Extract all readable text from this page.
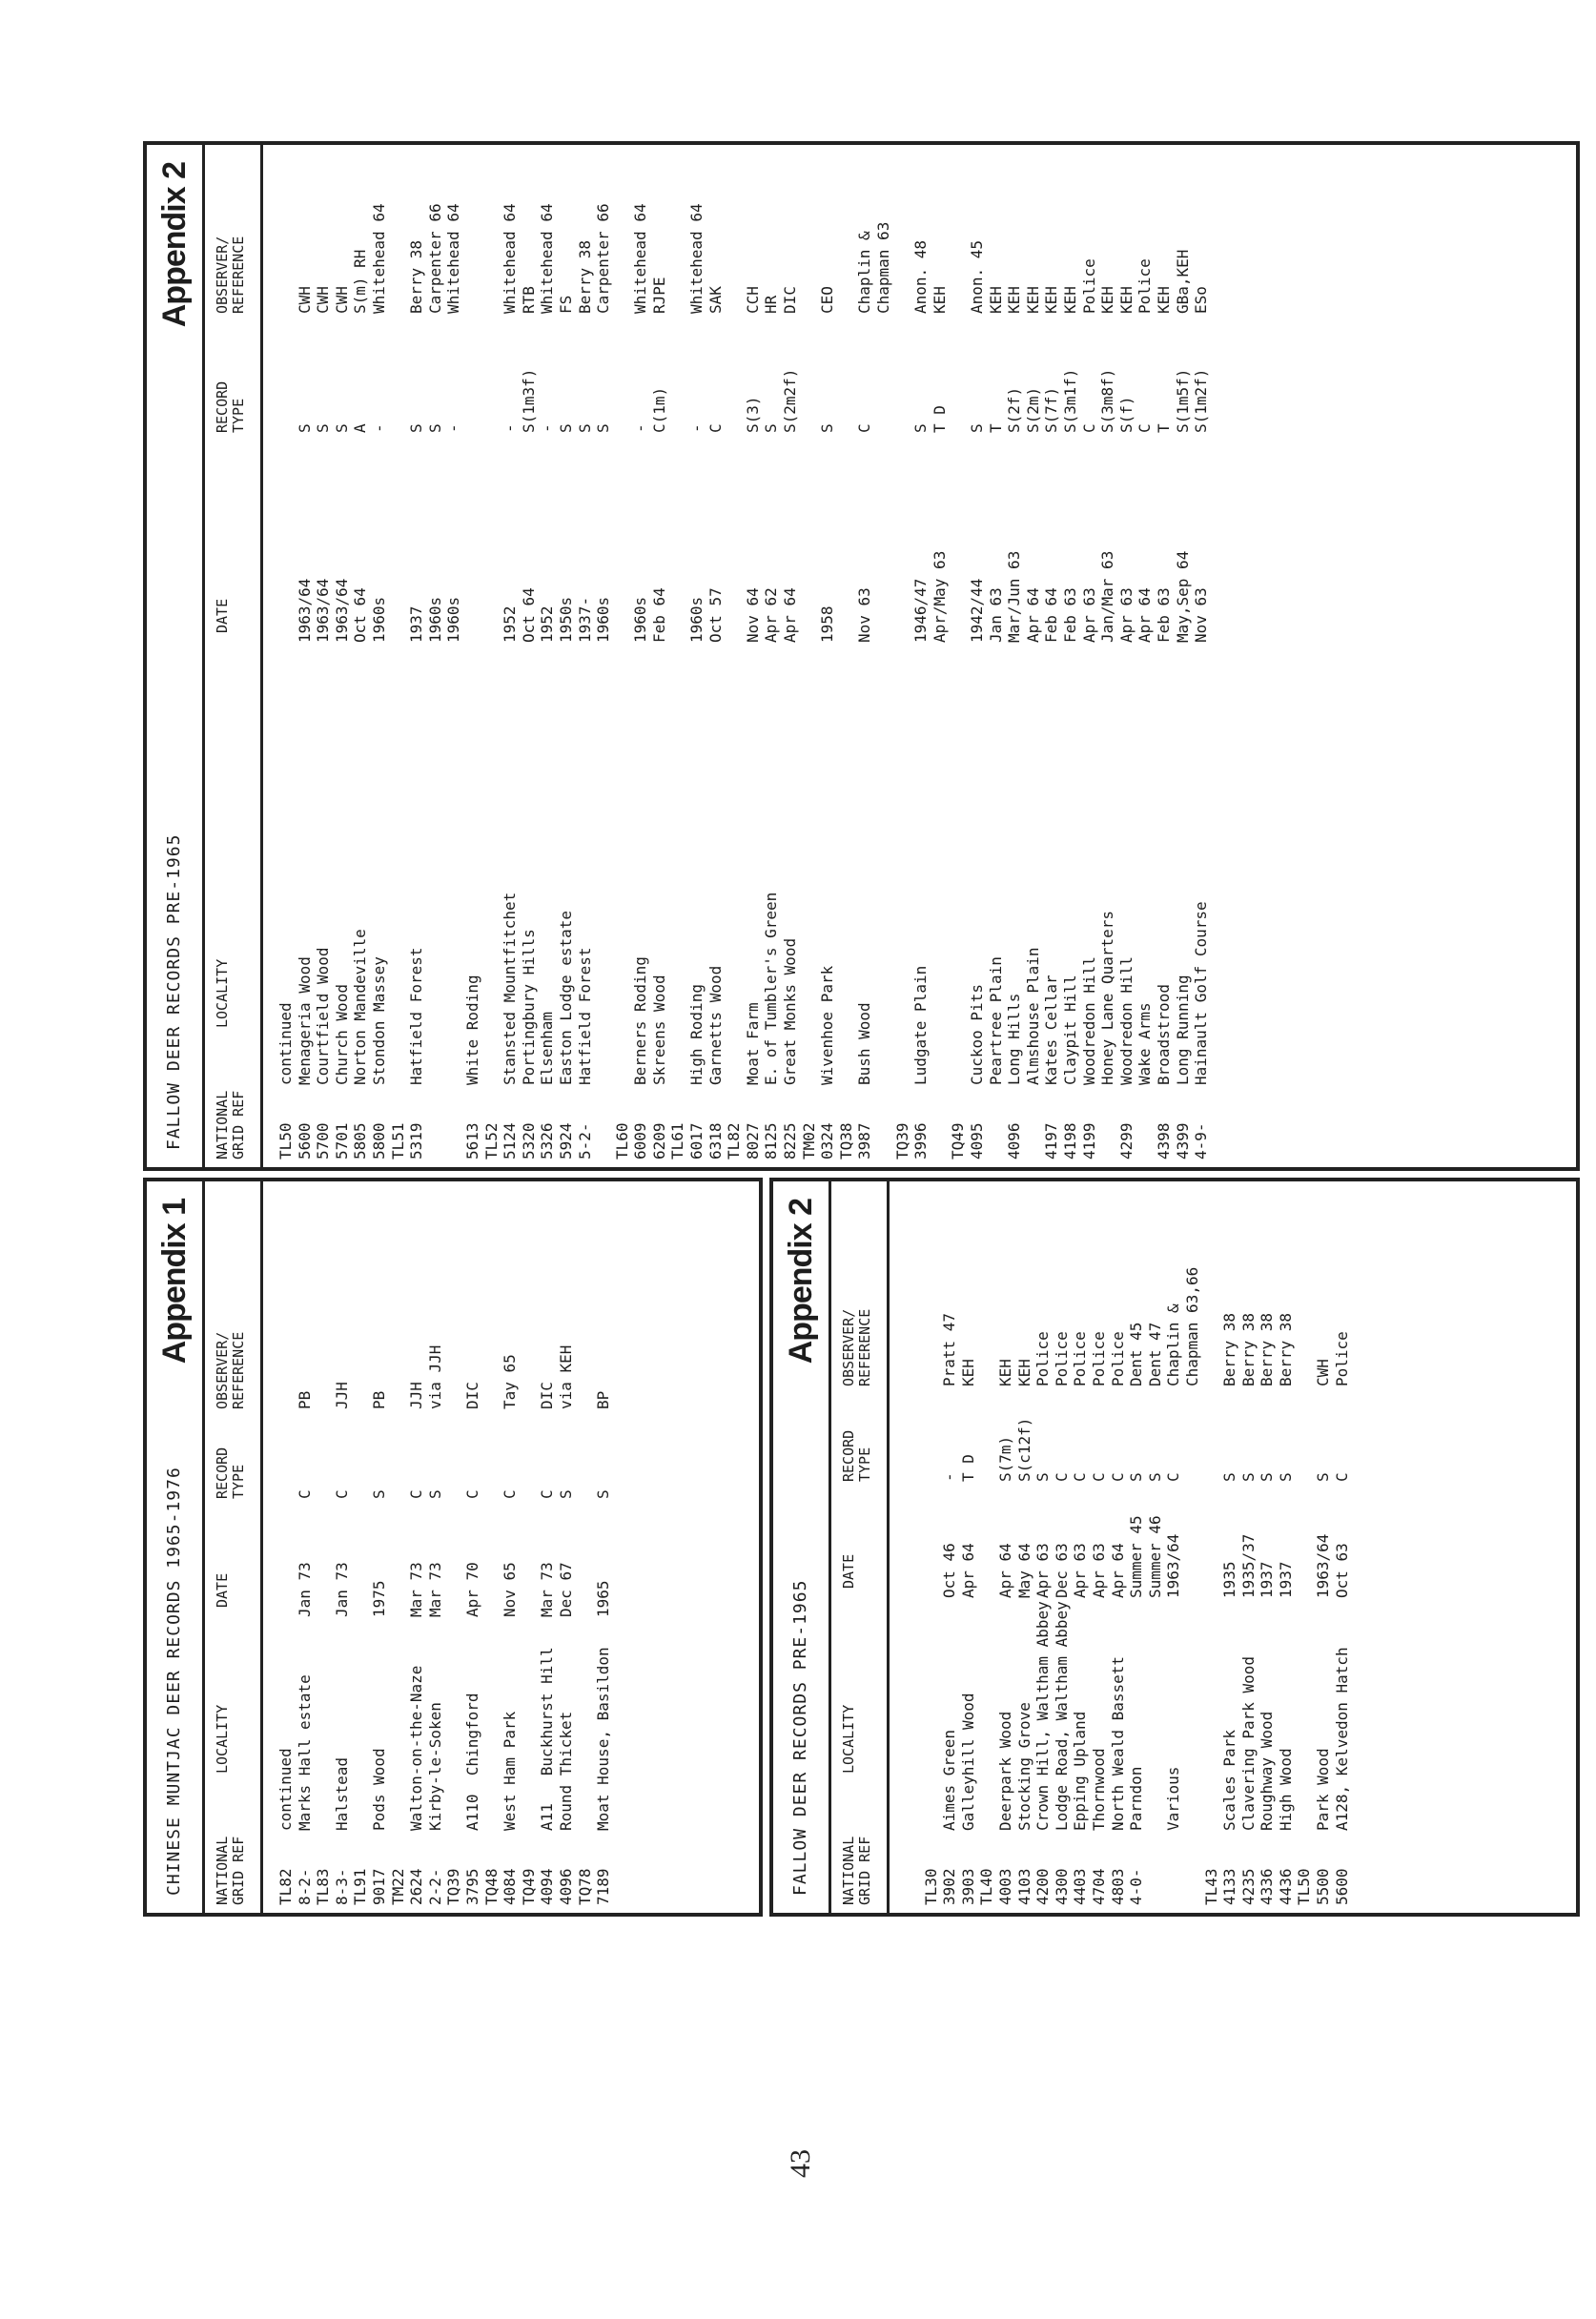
43
CHINESE MUNTJAC DEER RECORDS 1965-1976
Appendix 1
NATIONAL
GRID REF
LOCALITY
DATE
RECORD
TYPE
OBSERVER/
REFERENCE
TL82
continued
8-2-
Marks Hall estate
Jan 73
C
PB
TL83 8-3-
Halstead
Jan 73
C
JJH
TL91 9017
Pods Wood
1975
S
PB
TM22 2624
Walton-on-the-Naze
Mar 73
C
JJH
2-2-
Kirby-le-Soken
Mar 73
S
via JJH
TQ39 3795
A110  Chingford
Apr 70
C
DIC
TQ48 4084
West Ham Park
Nov 65
C
Tay 65
TQ49 4094
A11   Buckhurst Hill
Mar 73
C
DIC
4096
Round Thicket
Dec 67
S
via KEH
TQ78 7189
Moat House, Basildon
1965
S
BP
FALLOW DEER RECORDS PRE-1965
Appendix 2
NATIONAL
GRID REF
LOCALITY
DATE
RECORD
TYPE
OBSERVER/
REFERENCE
TL30 3902
Aimes Green
Oct 46
-
Pratt 47
3903
Galleyhill Wood
Apr 64
T D
KEH
TL40 4003
Deerpark Wood
Apr 64
S(7m)
KEH
4103
Stocking Grove
May 64
S(c12f)
KEH
4200
Crown Hill, Waltham Abbey
Apr 63
S
Police
4300
Lodge Road, Waltham Abbey
Dec 63
C
Police
4403
Epping Upland
Apr 63
C
Police
4704
Thornwood
Apr 63
C
Police
4803
North Weald Bassett
Apr 64
C
Police
4-0-
Parndon
Summer 45
S
Dent 45
Summer 46
S
Dent 47
Various
1963/64
C
Chaplin & Chapman 63,66
TL43 4133
Scales Park
1935
S
Berry 38
4235
Clavering Park Wood
1935/37
S
Berry 38
4336
Roughway Wood
1937
S
Berry 38
4436
High Wood
1937
S
Berry 38
TL50 5500
Park Wood
1963/64
S
CWH
5600
A128, Kelvedon Hatch
Oct 63
C
Police
FALLOW DEER RECORDS PRE-1965
Appendix 2
NATIONAL
GRID REF
LOCALITY
DATE
RECORD
TYPE
OBSERVER/
REFERENCE
TL50
continued
5600
Menageria Wood
1963/64
S
CWH
5700
Courtfield Wood
1963/64
S
CWH
5701
Church Wood
1963/64
S
CWH
5805
Norton Mandeville
Oct 64
A
S(m) RH
5800
Stondon Massey
1960s
-
Whitehead 64
TL51 5319
Hatfield Forest
1937
S
Berry 38
1960s
S
Carpenter 66
1960s
-
Whitehead 64
5613
White Roding
TL52 5124
Stansted Mountfitchet
1952
-
Whitehead 64
5320
Portingbury Hills
Oct 64
S(1m3f)
RTB
5326
Elsenham
1952
-
Whitehead 64
5924
Easton Lodge estate
1950s
S
FS
5-2-
Hatfield Forest
1937-
S
Berry 38
1960s
S
Carpenter 66
TL60 6009
Berners Roding
1960s
-
Whitehead 64
6209
Skreens Wood
Feb 64
C(1m)
RJPE
TL61 6017
High Roding
1960s
-
Whitehead 64
6318
Garnetts Wood
Oct 57
C
SAK
TL82 8027
Moat Farm
Nov 64
S(3)
CCH
8125
E. of Tumbler's Green
Apr 62
S
HR
8225
Great Monks Wood
Apr 64
S(2m2f)
DIC
TM02 0324
Wivenhoe Park
1958
S
CEO
TQ38 3987
Bush Wood
Nov 63
C
Chaplin & Chapman 63
TQ39 3996
Ludgate Plain
1946/47
S
Anon. 48
Apr/May 63
T D
KEH
TQ49 4095
Cuckoo Pits
1942/44
S
Anon. 45
Peartree Plain
Jan 63
T
KEH
4096
Long Hills
Mar/Jun 63
S(2f)
KEH
Almshouse Plain
Apr 64
S(2m)
KEH
4197
Kates Cellar
Feb 64
S(7f)
KEH
4198
Claypit Hill
Feb 63
S(3m1f)
KEH
4199
Woodredon Hill
Apr 63
C
Police
Honey Lane Quarters
Jan/Mar 63
S(3m8f)
KEH
4299
Woodredon Hill
Apr 63
S(f)
KEH
Wake Arms
Apr 64
C
Police
4398
Broadstrood
Feb 63
T
KEH
4399
Long Running
May,Sep 64
S(1m5f)
GBa,KEH
4-9-
Hainault Golf Course
Nov 63
S(1m2f)
ESo
